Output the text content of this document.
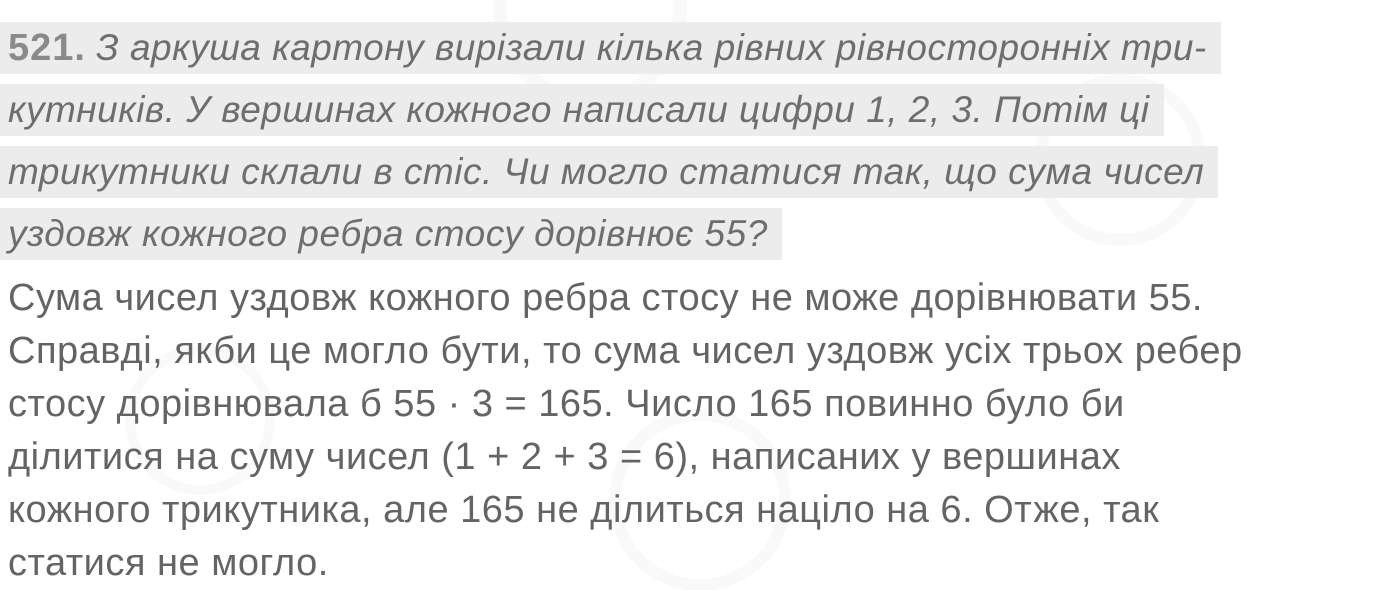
521. З аркуша картону вирізали кілька рівних рівносторонніх три-
кутників. У вершинах кожного написали цифри 1, 2, 3. Потім ці
трикутники склали в стіс. Чи могло статися так, що сума чисел
уздовж кожного ребра стосу дорівнює 55?
Сума чисел уздовж кожного ребра стосу не може дорівнювати 55.
Справді, якби це могло бути, то сума чисел уздовж усіх трьох ребер
стосу дорівнювала б 55 · 3 = 165. Число 165 повинно було би
ділитися на суму чисел (1 + 2 + 3 = 6), написаних у вершинах
кожного трикутника, але 165 не ділиться націло на 6. Отже, так
статися не могло.
